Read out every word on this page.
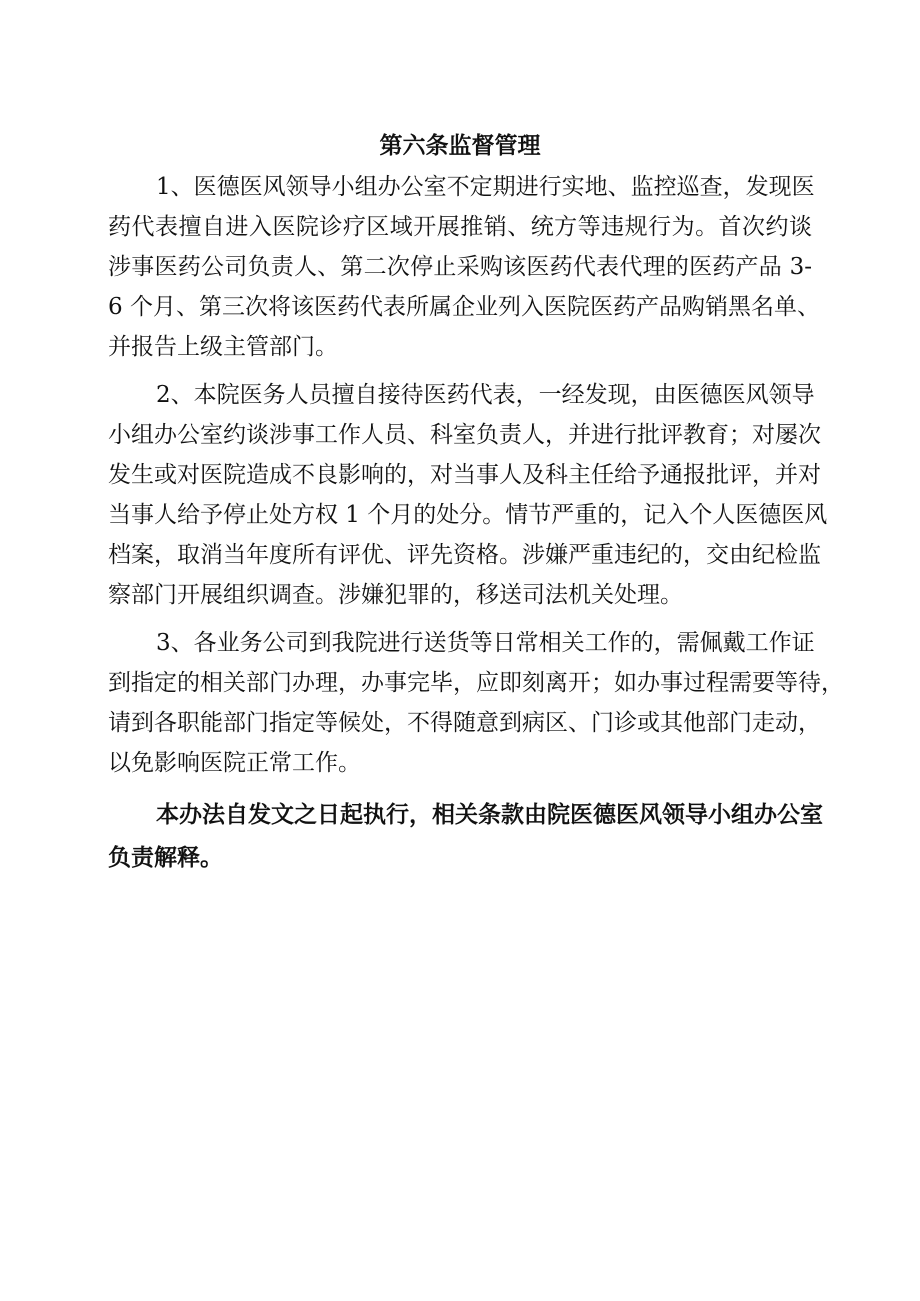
第六条监督管理
1、医德医风领导小组办公室不定期进行实地、监控巡查，发现医
药代表擅自进入医院诊疗区域开展推销、统方等违规行为。首次约谈
涉事医药公司负责人、第二次停止采购该医药代表代理的医药产品 3-
6 个月、第三次将该医药代表所属企业列入医院医药产品购销黑名单、
并报告上级主管部门。
2、本院医务人员擅自接待医药代表，一经发现，由医德医风领导
小组办公室约谈涉事工作人员、科室负责人，并进行批评教育；对屡次
发生或对医院造成不良影响的，对当事人及科主任给予通报批评，并对
当事人给予停止处方权 1 个月的处分。情节严重的，记入个人医德医风
档案，取消当年度所有评优、评先资格。涉嫌严重违纪的，交由纪检监
察部门开展组织调查。涉嫌犯罪的，移送司法机关处理。
3、各业务公司到我院进行送货等日常相关工作的，需佩戴工作证
到指定的相关部门办理，办事完毕，应即刻离开；如办事过程需要等待，
请到各职能部门指定等候处，不得随意到病区、门诊或其他部门走动，
以免影响医院正常工作。
本办法自发文之日起执行，相关条款由院医德医风领导小组办公室
负责解释。
